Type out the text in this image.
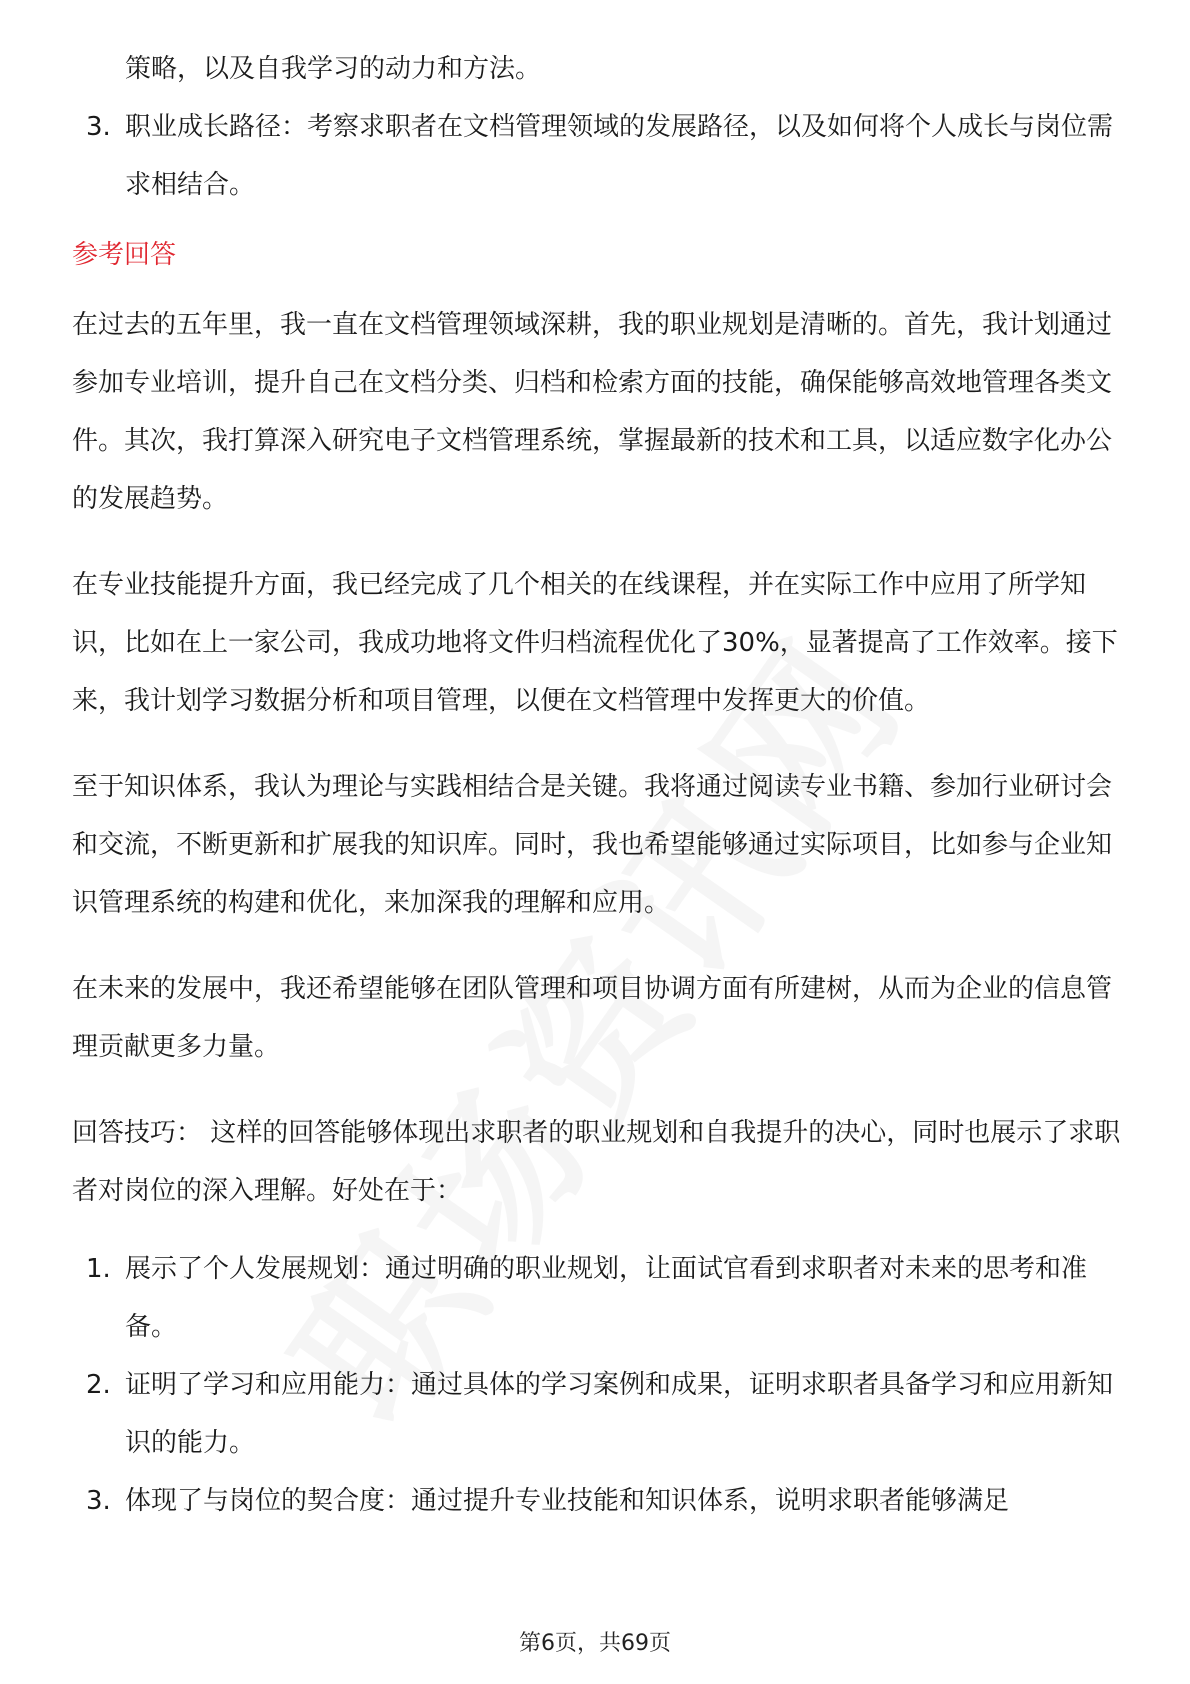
策略，以及自我学习的动力和方法。
3. 职业成长路径：考察求职者在文档管理领域的发展路径，以及如何将个人成长与岗位需求相结合。
参考回答

在过去的五年里，我一直在文档管理领域深耕，我的职业规划是清晰的。首先，我计划通过参加专业培训，提升自己在文档分类、归档和检索方面的技能，确保能够高效地管理各类文件。其次，我打算深入研究电子文档管理系统，掌握最新的技术和工具，以适应数字化办公的发展趋势。

在专业技能提升方面，我已经完成了几个相关的在线课程，并在实际工作中应用了所学知识，比如在上一家公司，我成功地将文件归档流程优化了30%，显著提高了工作效率。接下来，我计划学习数据分析和项目管理，以便在文档管理中发挥更大的价值。

至于知识体系，我认为理论与实践相结合是关键。我将通过阅读专业书籍、参加行业研讨会和交流，不断更新和扩展我的知识库。同时，我也希望能够通过实际项目，比如参与企业知识管理系统的构建和优化，来加深我的理解和应用。

在未来的发展中，我还希望能够在团队管理和项目协调方面有所建树，从而为企业的信息管理贡献更多力量。

回答技巧： 这样的回答能够体现出求职者的职业规划和自我提升的决心，同时也展示了求职者对岗位的深入理解。好处在于：

1. 展示了个人发展规划：通过明确的职业规划，让面试官看到求职者对未来的思考和准备。
2. 证明了学习和应用能力：通过具体的学习案例和成果，证明求职者具备学习和应用新知识的能力。
3. 体现了与岗位的契合度：通过提升专业技能和知识体系，说明求职者能够满足
第6页，共69页
